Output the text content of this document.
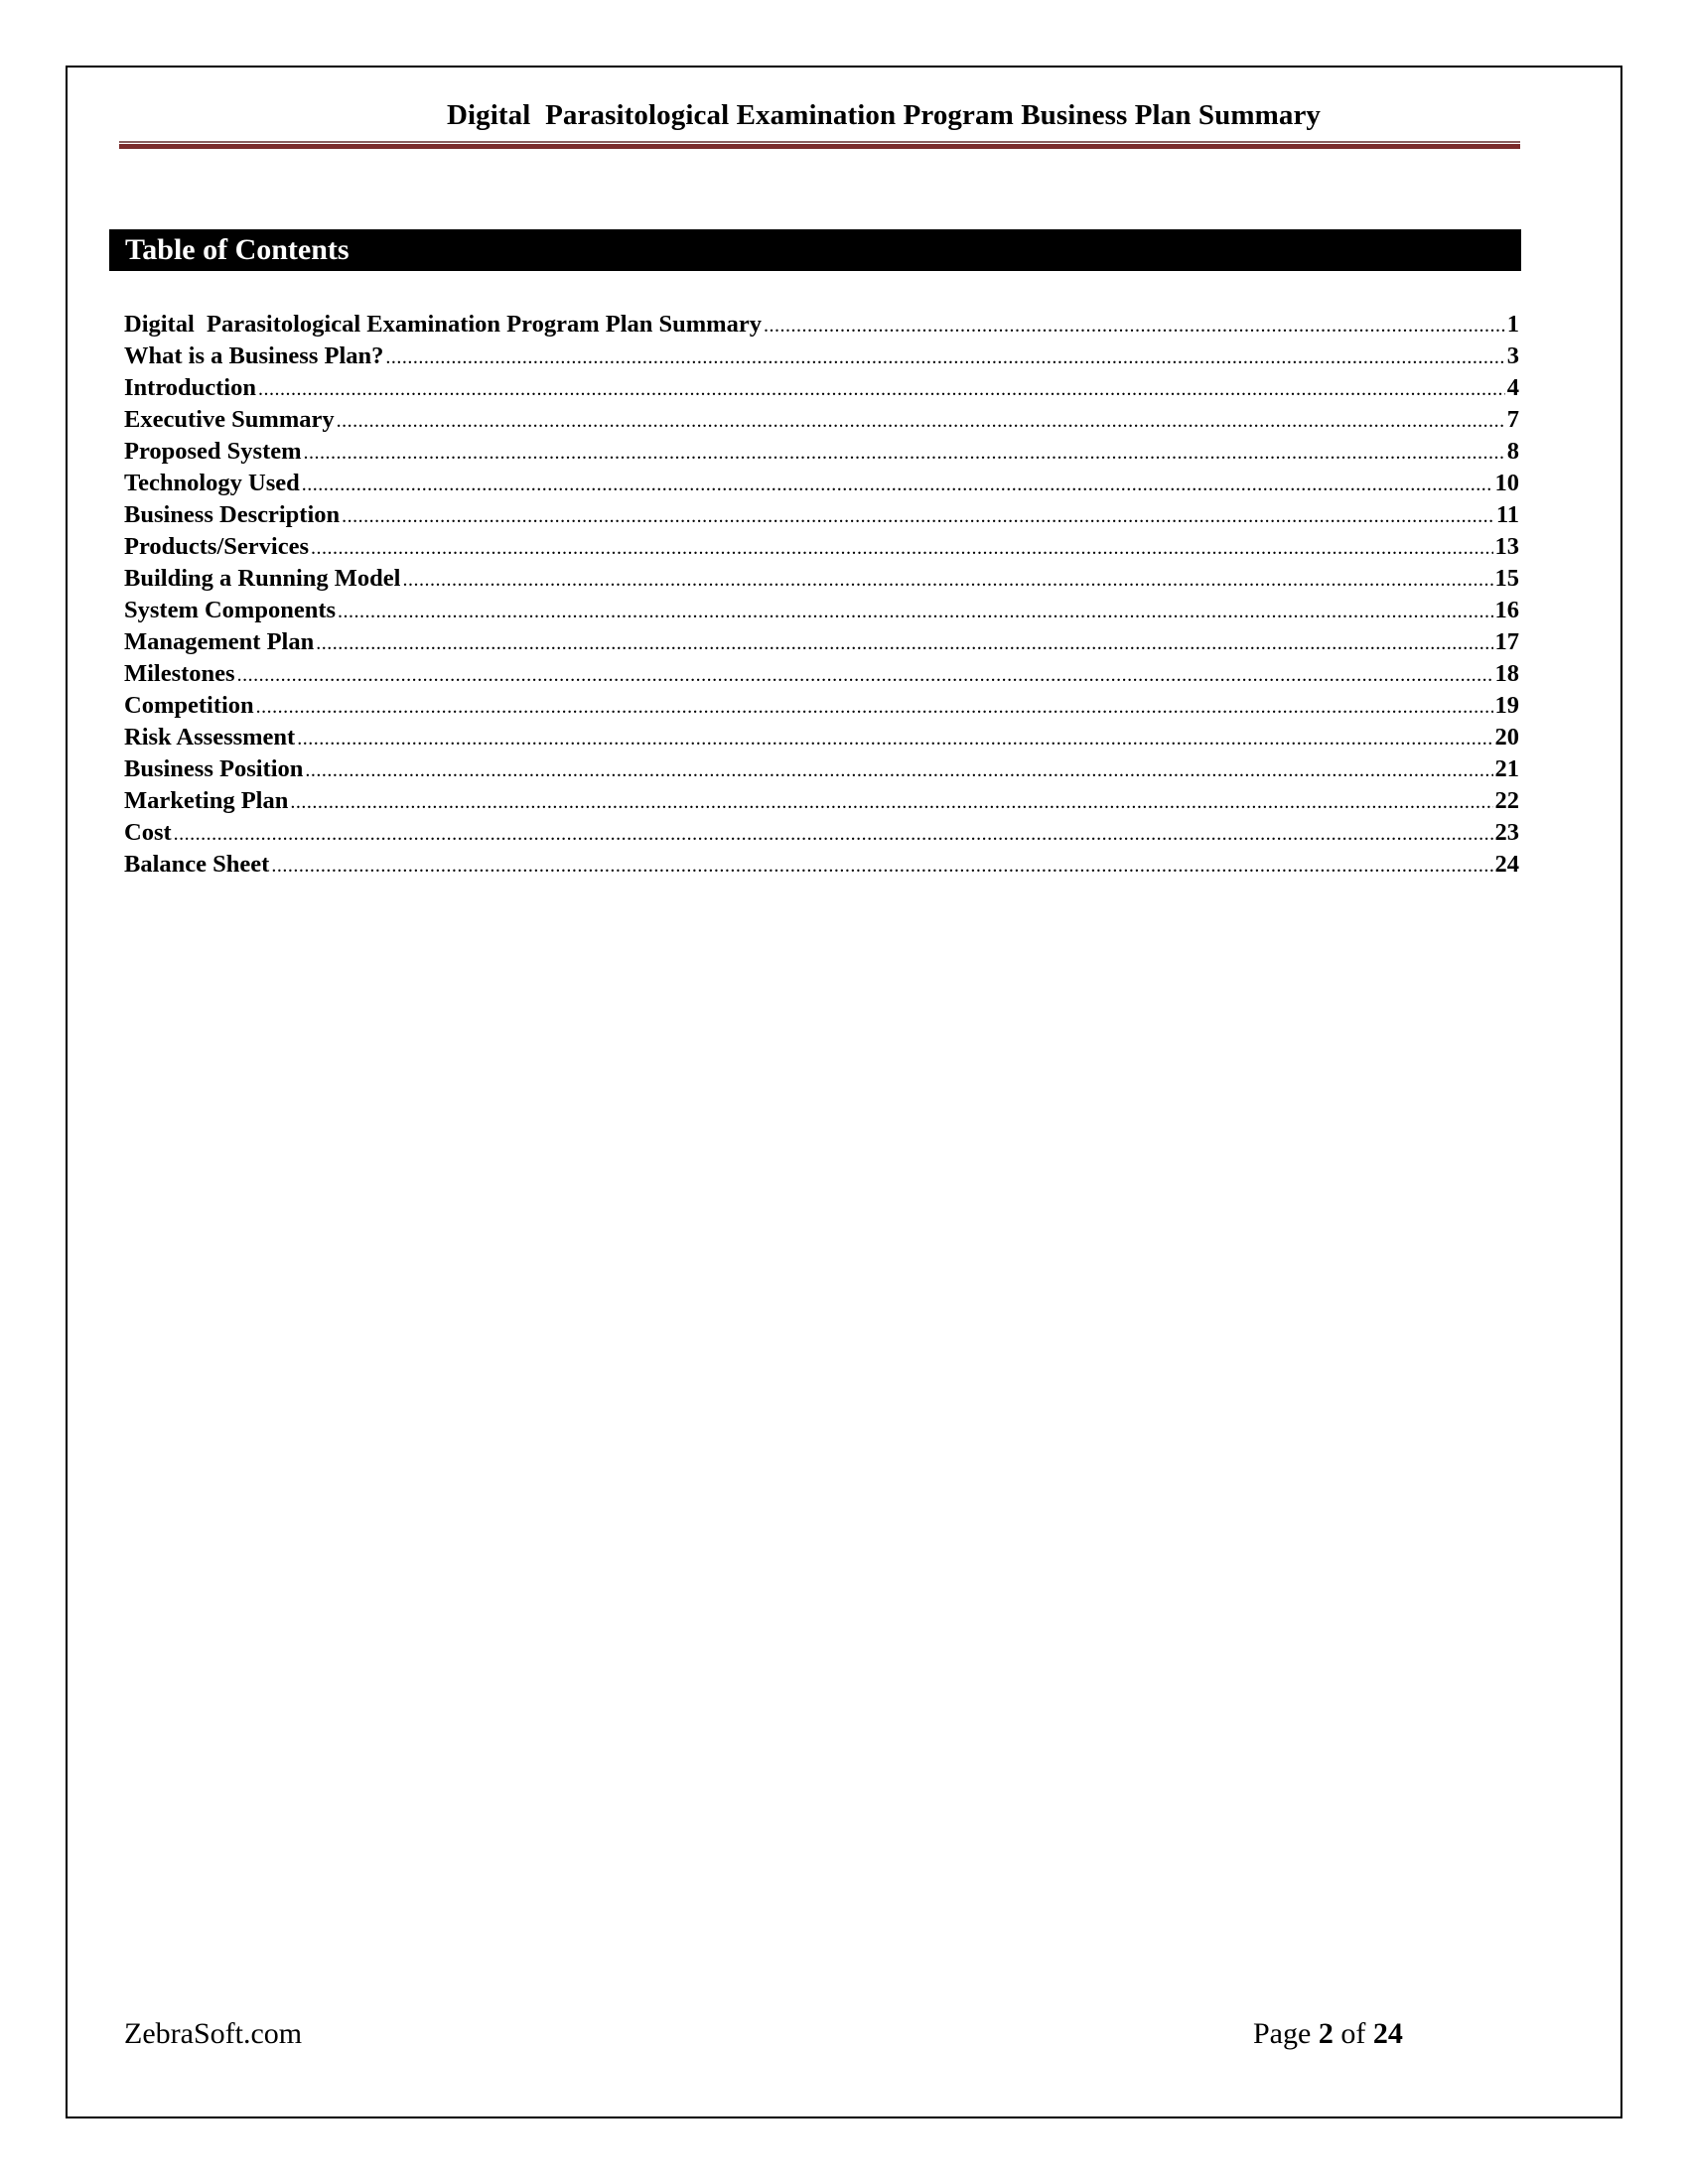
Digital  Parasitological Examination Program Business Plan Summary
Table of Contents
Digital  Parasitological Examination Program Plan Summary .....	1
What is a Business Plan? .....	3
Introduction .....	4
Executive Summary .....	7
Proposed System .....	8
Technology Used .....	10
Business Description .....	11
Products/Services .....	13
Building a Running Model .....	15
System Components .....	16
Management Plan .....	17
Milestones .....	18
Competition .....	19
Risk Assessment .....	20
Business Position .....	21
Marketing Plan .....	22
Cost .....	23
Balance Sheet .....	24
ZebraSoft.com	Page 2 of 24
